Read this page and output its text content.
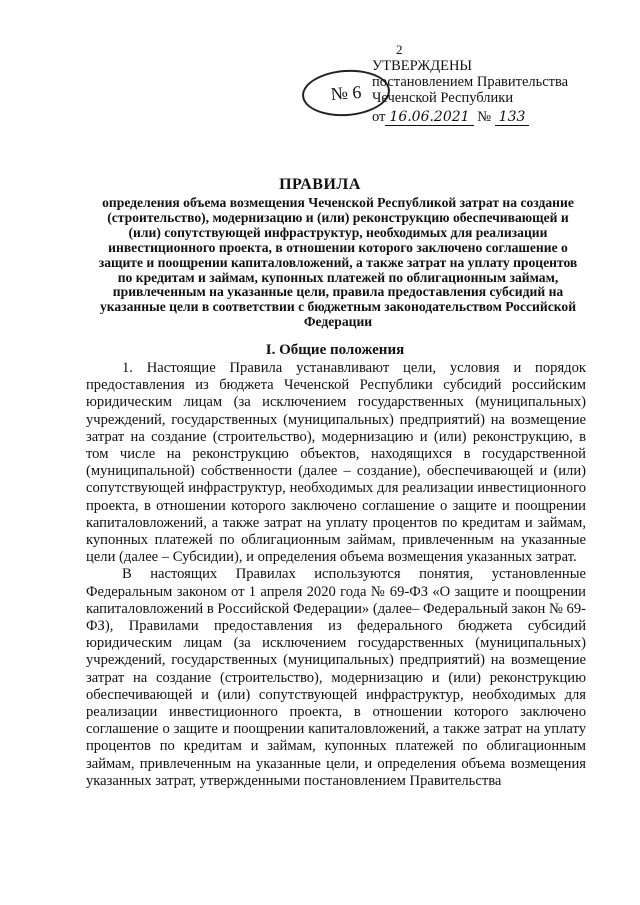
2
№ 6
УТВЕРЖДЕНЫ
постановлением Правительства
Чеченской Республики
от 16.06.2021 № 133
ПРАВИЛА
определения объема возмещения Чеченской Республикой затрат на создание (строительство), модернизацию и (или) реконструкцию обеспечивающей и (или) сопутствующей инфраструктур, необходимых для реализации инвестиционного проекта, в отношении которого заключено соглашение о защите и поощрении капиталовложений, а также затрат на уплату процентов по кредитам и займам, купонных платежей по облигационным займам, привлеченным на указанные цели, правила предоставления субсидий на указанные цели в соответствии с бюджетным законодательством Российской Федерации
I. Общие положения

1. Настоящие Правила устанавливают цели, условия и порядок предоставления из бюджета Чеченской Республики субсидий российским юридическим лицам (за исключением государственных (муниципальных) учреждений, государственных (муниципальных) предприятий) на возмещение затрат на создание (строительство), модернизацию и (или) реконструкцию, в том числе на реконструкцию объектов, находящихся в государственной (муниципальной) собственности (далее – создание), обеспечивающей и (или) сопутствующей инфраструктур, необходимых для реализации инвестиционного проекта, в отношении которого заключено соглашение о защите и поощрении капиталовложений, а также затрат на уплату процентов по кредитам и займам, купонных платежей по облигационным займам, привлеченным на указанные цели (далее – Субсидии), и определения объема возмещения указанных затрат.

В настоящих Правилах используются понятия, установленные Федеральным законом от 1 апреля 2020 года № 69-ФЗ «О защите и поощрении капиталовложений в Российской Федерации» (далее– Федеральный закон № 69-ФЗ), Правилами предоставления из федерального бюджета субсидий юридическим лицам (за исключением государственных (муниципальных) учреждений, государственных (муниципальных) предприятий) на возмещение затрат на создание (строительство), модернизацию и (или) реконструкцию обеспечивающей и (или) сопутствующей инфраструктур, необходимых для реализации инвестиционного проекта, в отношении которого заключено соглашение о защите и поощрении капиталовложений, а также затрат на уплату процентов по кредитам и займам, купонных платежей по облигационным займам, привлеченным на указанные цели, и определения объема возмещения указанных затрат, утвержденными постановлением Правительства
